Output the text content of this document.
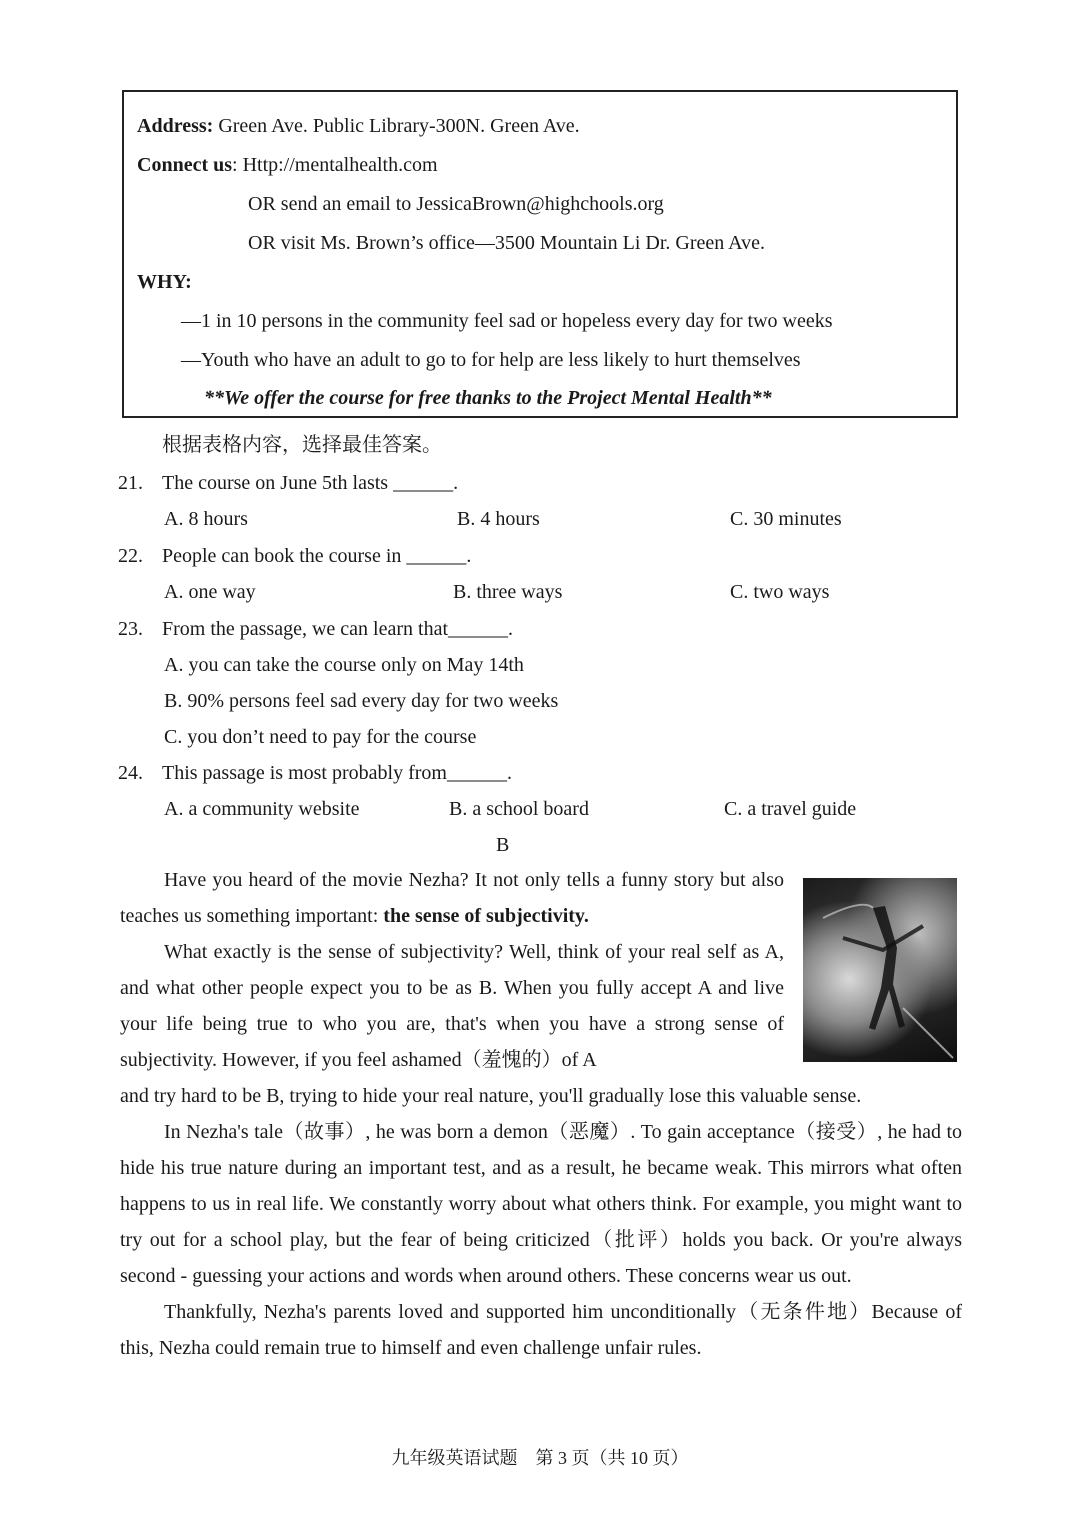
Address: Green Ave. Public Library-300N. Green Ave.
Connect us: Http://mentalhealth.com
OR send an email to JessicaBrown@highchools.org
OR visit Ms. Brown’s office—3500 Mountain Li Dr. Green Ave.
WHY:
—1 in 10 persons in the community feel sad or hopeless every day for two weeks
—Youth who have an adult to go to for help are less likely to hurt themselves
**We offer the course for free thanks to the Project Mental Health**
根据表格内容，选择最佳答案。
21. The course on June 5th lasts ______.
A. 8 hours	B. 4 hours	C. 30 minutes
22. People can book the course in ______.
A. one way	B. three ways	C. two ways
23. From the passage, we can learn that______.
A. you can take the course only on May 14th
B. 90% persons feel sad every day for two weeks
C. you don’t need to pay for the course
24. This passage is most probably from______.
A. a community website	B. a school board	C. a travel guide
B

Have you heard of the movie Nezha? It not only tells a funny story but also teaches us something important: the sense of subjectivity.

What exactly is the sense of subjectivity? Well, think of your real self as A, and what other people expect you to be as B. When you fully accept A and live your life being true to who you are, that's when you have a strong sense of subjectivity. However, if you feel ashamed（羞愧的）of A

and try hard to be B, trying to hide your real nature, you'll gradually lose this valuable sense.

In Nezha's tale（故事）, he was born a demon（恶魔）. To gain acceptance（接受）, he had to hide his true nature during an important test, and as a result, he became weak. This mirrors what often happens to us in real life. We constantly worry about what others think. For example, you might want to try out for a school play, but the fear of being criticized（批评）holds you back. Or you're always second - guessing your actions and words when around others. These concerns wear us out.

Thankfully, Nezha's parents loved and supported him unconditionally（无条件地）Because of this, Nezha could remain true to himself and even challenge unfair rules.

九年级英语试题　第 3 页（共 10 页）
